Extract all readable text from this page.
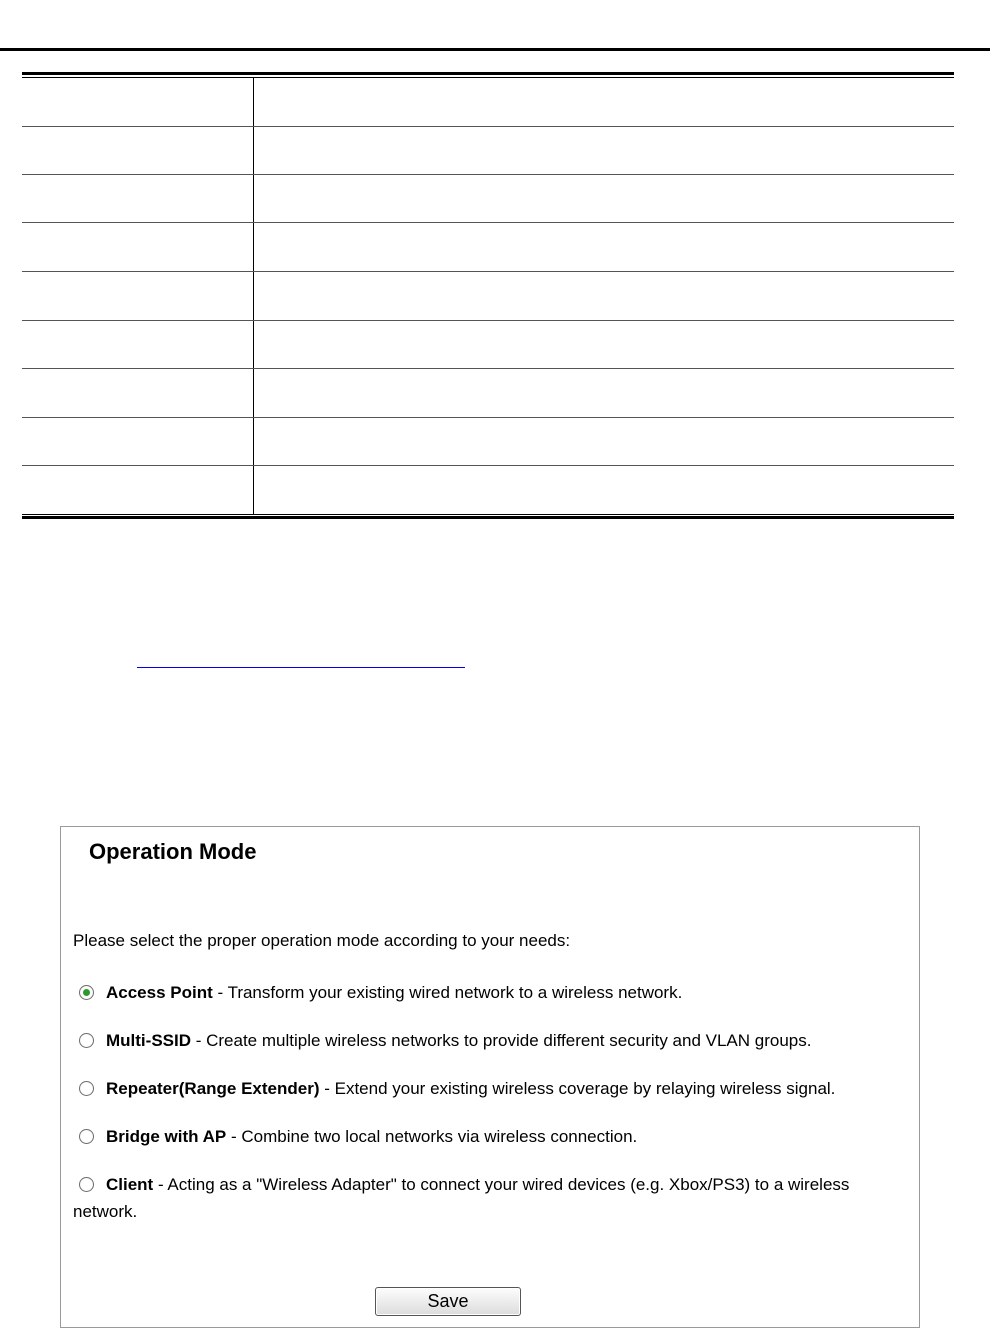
Operation Mode

Please select the proper operation mode according to your needs:

Access Point - Transform your existing wired network to a wireless network.
Multi-SSID - Create multiple wireless networks to provide different security and VLAN groups.
Repeater(Range Extender) - Extend your existing wireless coverage by relaying wireless signal.
Bridge with AP - Combine two local networks via wireless connection.
Client - Acting as a "Wireless Adapter" to connect your wired devices (e.g. Xbox/PS3) to a wireless network.
Save
